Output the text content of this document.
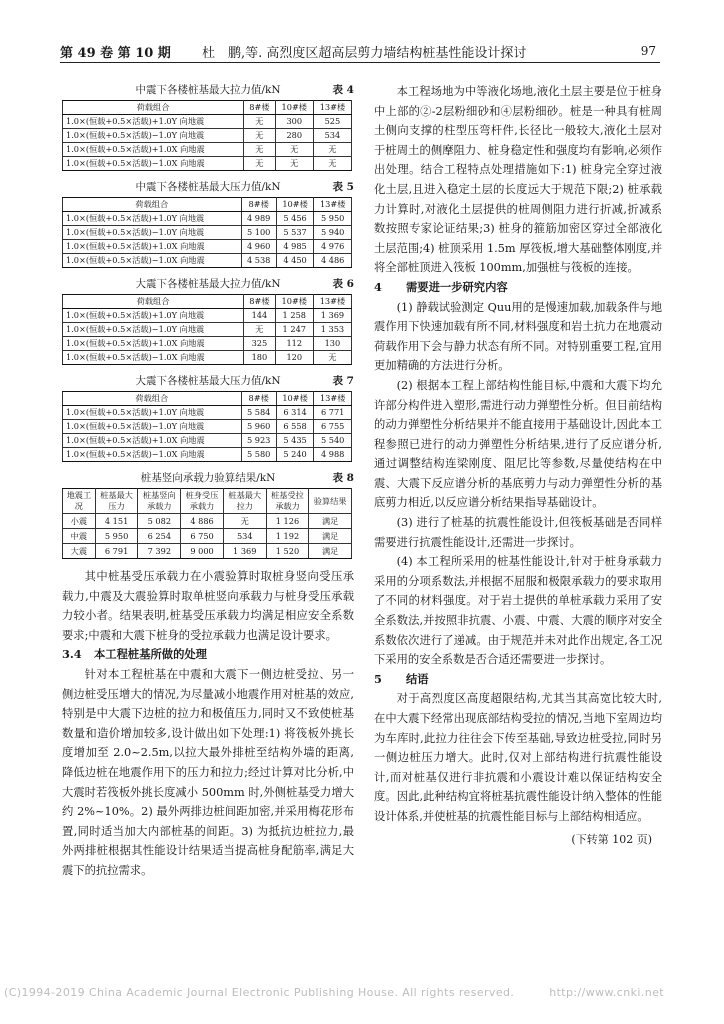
第 49 卷 第 10 期 杜　鹏,等. 高烈度区超高层剪力墙结构桩基性能设计探讨	97
中震下各楼桩基最大拉力值/kN	表 4
荷载组合	8#楼	10#楼	13#楼
1.0×(恒载+0.5×活载)+1.0Y 向地震	无	300	525
1.0×(恒载+0.5×活载)−1.0Y 向地震	无	280	534
1.0×(恒载+0.5×活载)+1.0X 向地震	无	无	无
1.0×(恒载+0.5×活载)−1.0X 向地震	无	无	无
中震下各楼桩基最大压力值/kN	表 5
荷载组合	8#楼	10#楼	13#楼
1.0×(恒载+0.5×活载)+1.0Y 向地震	4 989	5 456	5 950
1.0×(恒载+0.5×活载)−1.0Y 向地震	5 100	5 537	5 940
1.0×(恒载+0.5×活载)+1.0X 向地震	4 960	4 985	4 976
1.0×(恒载+0.5×活载)−1.0X 向地震	4 538	4 450	4 486
大震下各楼桩基最大拉力值/kN	表 6
荷载组合	8#楼	10#楼	13#楼
1.0×(恒载+0.5×活载)+1.0Y 向地震	144	1 258	1 369
1.0×(恒载+0.5×活载)−1.0Y 向地震	无	1 247	1 353
1.0×(恒载+0.5×活载)+1.0X 向地震	325	112	130
1.0×(恒载+0.5×活载)−1.0X 向地震	180	120	无
大震下各楼桩基最大压力值/kN	表 7
荷载组合	8#楼	10#楼	13#楼
1.0×(恒载+0.5×活载)+1.0Y 向地震	5 584	6 314	6 771
1.0×(恒载+0.5×活载)−1.0Y 向地震	5 960	6 558	6 755
1.0×(恒载+0.5×活载)+1.0X 向地震	5 923	5 435	5 540
1.0×(恒载+0.5×活载)−1.0X 向地震	5 580	5 240	4 988
桩基竖向承载力验算结果/kN	表 8
地震工况	桩基最大压力	桩基竖向承载力	桩身受压承载力	桩基最大拉力	桩基受拉承载力	验算结果
小震	4 151	5 082	4 886	无	1 126	满足
中震	5 950	6 254	6 750	534	1 192	满足
大震	6 791	7 392	9 000	1 369	1 520	满足

其中桩基受压承载力在小震验算时取桩身竖向受压承载力,中震及大震验算时取单桩竖向承载力与桩身受压承载力较小者。结果表明,桩基受压承载力均满足相应安全系数要求;中震和大震下桩身的受拉承载力也满足设计要求。

3.4 本工程桩基所做的处理

针对本工程桩基在中震和大震下一侧边桩受拉、另一侧边桩受压增大的情况,为尽量减小地震作用对桩基的效应,特别是中大震下边桩的拉力和极值压力,同时又不致使桩基数量和造价增加较多,设计做出如下处理:1) 将筏板外挑长度增加至 2.0~2.5m,以拉大最外排桩至结构外墙的距离,降低边桩在地震作用下的压力和拉力;经过计算对比分析,中大震时若筏板外挑长度减小 500mm 时,外侧桩基受力增大约 2%~10%。2) 最外两排边桩间距加密,并采用梅花形布置,同时适当加大内部桩基的间距。3) 为抵抗边桩拉力,最外两排桩根据其性能设计结果适当提高桩身配筋率,满足大震下的抗拉需求。

本工程场地为中等液化场地,液化土层主要是位于桩身中上部的②-2层粉细砂和④层粉细砂。桩是一种具有桩周土侧向支撑的柱型压弯杆件,长径比一般较大,液化土层对于桩周土的侧摩阻力、桩身稳定性和强度均有影响,必须作出处理。结合工程特点处理措施如下:1) 桩身完全穿过液化土层,且进入稳定土层的长度远大于规范下限;2) 桩承载力计算时,对液化土层提供的桩周侧阻力进行折减,折减系数按照专家论证结果;3) 桩身的箍筋加密区穿过全部液化土层范围;4) 桩顶采用 1.5m 厚筏板,增大基础整体刚度,并将全部桩顶进入筏板 100mm,加强桩与筏板的连接。

4 需要进一步研究内容

(1) 静载试验测定 Quu用的是慢速加载,加载条件与地震作用下快速加载有所不同,材料强度和岩土抗力在地震动荷载作用下会与静力状态有所不同。对特别重要工程,宜用更加精确的方法进行分析。

(2) 根据本工程上部结构性能目标,中震和大震下均允许部分构件进入塑形,需进行动力弹塑性分析。但目前结构的动力弹塑性分析结果并不能直接用于基础设计,因此本工程参照已进行的动力弹塑性分析结果,进行了反应谱分析,通过调整结构连梁刚度、阻尼比等参数,尽量使结构在中震、大震下反应谱分析的基底剪力与动力弹塑性分析的基底剪力相近,以反应谱分析结果指导基础设计。

(3) 进行了桩基的抗震性能设计,但筏板基础是否同样需要进行抗震性能设计,还需进一步探讨。

(4) 本工程所采用的桩基性能设计,针对于桩身承载力采用的分项系数法,并根据不屈服和极限承载力的要求取用了不同的材料强度。对于岩土提供的单桩承载力采用了安全系数法,并按照非抗震、小震、中震、大震的顺序对安全系数依次进行了递减。由于规范并未对此作出规定,各工况下采用的安全系数是否合适还需要进一步探讨。

5 结语

对于高烈度区高度超限结构,尤其当其高宽比较大时,在中大震下经常出现底部结构受拉的情况,当地下室周边均为车库时,此拉力往往会下传至基础,导致边桩受拉,同时另一侧边桩压力增大。此时,仅对上部结构进行抗震性能设计,而对桩基仅进行非抗震和小震设计难以保证结构安全度。因此,此种结构宜将桩基抗震性能设计纳入整体的性能设计体系,并使桩基的抗震性能目标与上部结构相适应。

(下转第 102 页)
(C)1994-2019 China Academic Journal Electronic Publishing House. All rights reserved.	http://www.cnki.net
